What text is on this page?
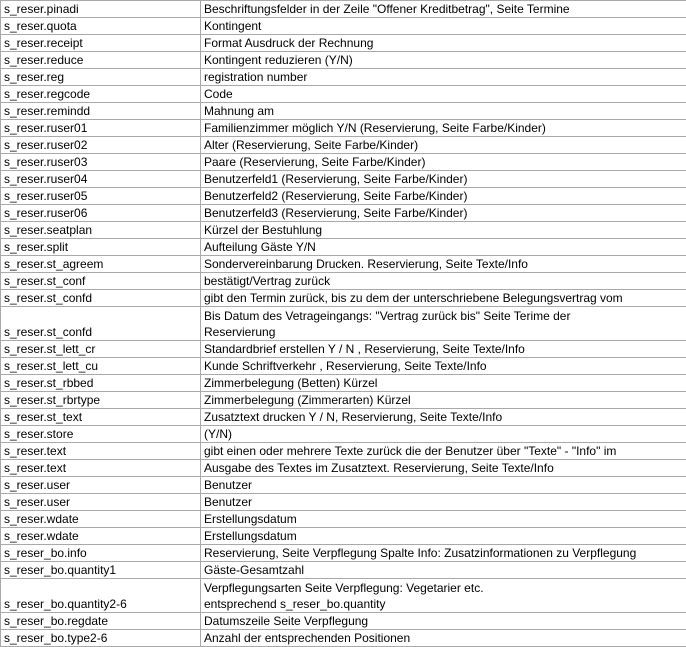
s_reser.pinadi	Beschriftungsfelder in der Zeile "Offener Kreditbetrag", Seite Termine
s_reser.quota	Kontingent
s_reser.receipt	Format Ausdruck der Rechnung
s_reser.reduce	Kontingent reduzieren (Y/N)
s_reser.reg	registration number
s_reser.regcode	Code
s_reser.remindd	Mahnung am
s_reser.ruser01	Familienzimmer möglich Y/N (Reservierung, Seite Farbe/Kinder)
s_reser.ruser02	Alter (Reservierung, Seite Farbe/Kinder)
s_reser.ruser03	Paare (Reservierung, Seite Farbe/Kinder)
s_reser.ruser04	Benutzerfeld1 (Reservierung, Seite Farbe/Kinder)
s_reser.ruser05	Benutzerfeld2 (Reservierung, Seite Farbe/Kinder)
s_reser.ruser06	Benutzerfeld3 (Reservierung, Seite Farbe/Kinder)
s_reser.seatplan	Kürzel der Bestuhlung
s_reser.split	Aufteilung Gäste Y/N
s_reser.st_agreem	Sondervereinbarung Drucken. Reservierung, Seite Texte/Info
s_reser.st_conf	bestätigt/Vertrag zurück
s_reser.st_confd	gibt den Termin zurück, bis zu dem der unterschriebene Belegungsvertrag vom
s_reser.st_confd	Bis Datum des Vetrageingangs: "Vertrag zurück bis" Seite Terime der
Reservierung

s_reser.st_lett_cr	Standardbrief erstellen Y / N , Reservierung, Seite Texte/Info
s_reser.st_lett_cu	Kunde Schriftverkehr , Reservierung, Seite Texte/Info
s_reser.st_rbbed	Zimmerbelegung (Betten) Kürzel
s_reser.st_rbrtype	Zimmerbelegung (Zimmerarten) Kürzel
s_reser.st_text	Zusatztext drucken Y / N, Reservierung, Seite Texte/Info
s_reser.store	(Y/N)
s_reser.text	gibt einen oder mehrere Texte zurück die der Benutzer über "Texte" - "Info" im
s_reser.text	Ausgabe des Textes im Zusatztext. Reservierung, Seite Texte/Info
s_reser.user	Benutzer
s_reser.user	Benutzer
s_reser.wdate	Erstellungsdatum
s_reser.wdate	Erstellungsdatum
s_reser_bo.info	Reservierung, Seite Verpflegung Spalte Info: Zusatzinformationen zu Verpflegung
s_reser_bo.quantity1	Gäste-Gesamtzahl
s_reser_bo.quantity2-6	Verpflegungsarten Seite Verpflegung: Vegetarier etc.
entsprechend s_reser_bo.quantity

s_reser_bo.regdate	Datumszeile Seite Verpflegung
s_reser_bo.type2-6	Anzahl der entsprechenden Positionen
